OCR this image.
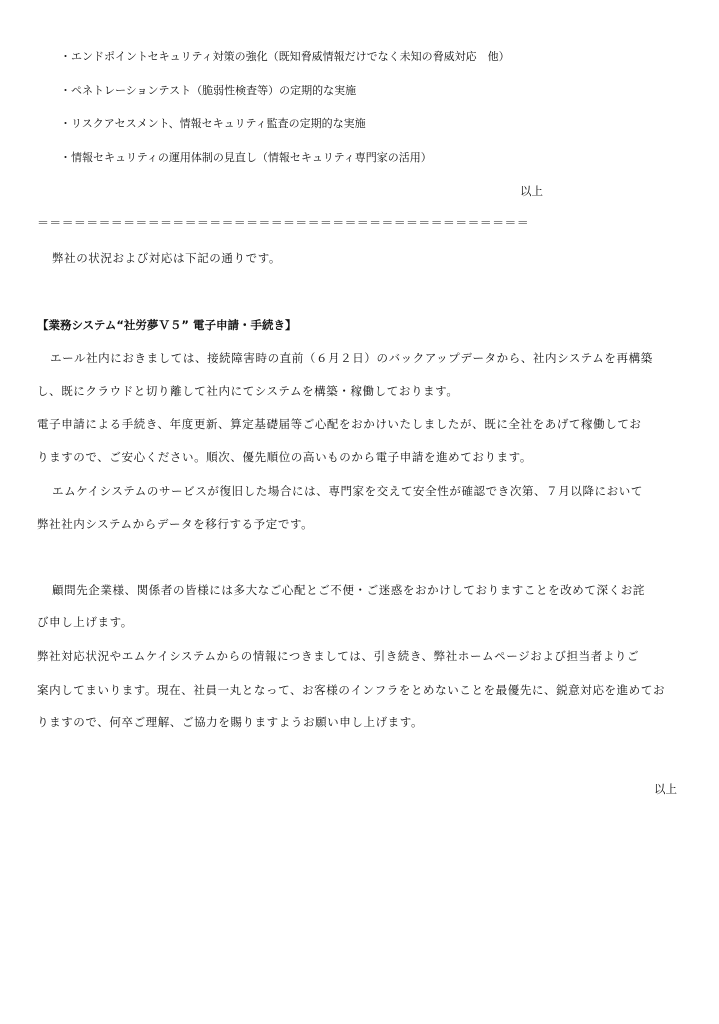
・エンドポイントセキュリティ対策の強化（既知脅威情報だけでなく未知の脅威対応　他）
・ペネトレーションテスト（脆弱性検査等）の定期的な実施
・リスクアセスメント、情報セキュリティ監査の定期的な実施
・情報セキュリティの運用体制の見直し（情報セキュリティ専門家の活用）
以上
＝＝＝＝＝＝＝＝＝＝＝＝＝＝＝＝＝＝＝＝＝＝＝＝＝＝＝＝＝＝＝＝＝＝＝＝＝＝＝＝
弊社の状況および対応は下記の通りです。
【業務システム“社労夢Ｖ５” 電子申請・手続き】
エール社内におきましては、接続障害時の直前（６月２日）のバックアップデータから、社内システムを再構築
し、既にクラウドと切り離して社内にてシステムを構築・稼働しております。
電子申請による手続き、年度更新、算定基礎届等ご心配をおかけいたしましたが、既に全社をあげて稼働してお
りますので、ご安心ください。順次、優先順位の高いものから電子申請を進めております。
エムケイシステムのサービスが復旧した場合には、専門家を交えて安全性が確認でき次第、７月以降において
弊社社内システムからデータを移行する予定です。
顧問先企業様、関係者の皆様には多大なご心配とご不便・ご迷惑をおかけしておりますことを改めて深くお詫
び申し上げます。
弊社対応状況やエムケイシステムからの情報につきましては、引き続き、弊社ホームページおよび担当者よりご
案内してまいります。現在、社員一丸となって、お客様のインフラをとめないことを最優先に、鋭意対応を進めてお
りますので、何卒ご理解、ご協力を賜りますようお願い申し上げます。
以上
